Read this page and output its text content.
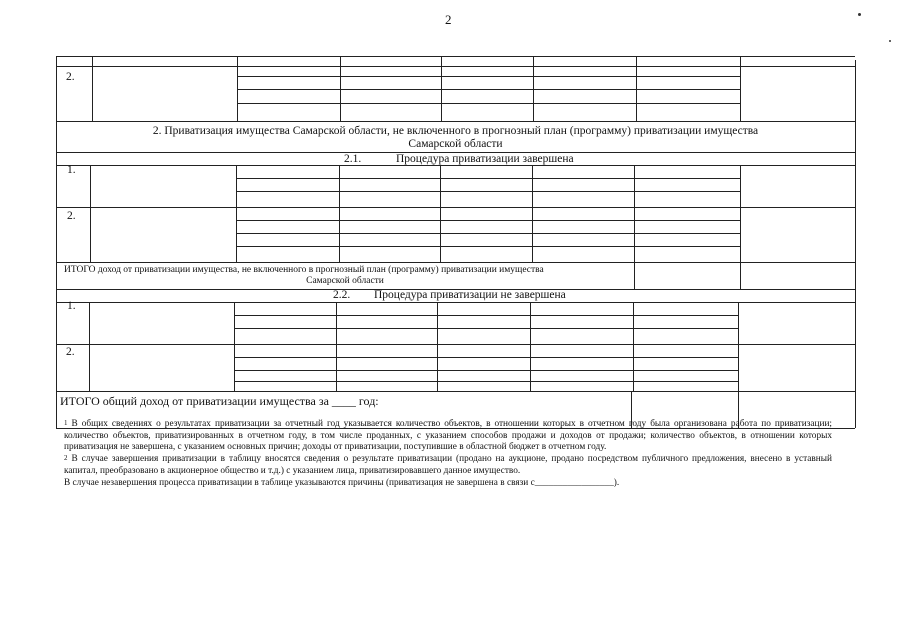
2
2.
2. Приватизация имущества Самарской области, не включенного в прогнозный план (программу) приватизации имущества
Самарской области
2.1.	Процедура приватизации завершена
1.
2.
ИТОГО доход от приватизации имущества, не включенного в прогнозный план (программу) приватизации имущества
Самарской области
2.2. Процедура приватизации не завершена
1.
2.
ИТОГО общий доход от приватизации имущества за ____ год:

$^1$ В общих сведениях о результатах приватизации за отчетный год указывается количество объектов, в отношении которых в отчетном году была организована работа по приватизации; количество объектов, приватизированных в отчетном году, в том числе проданных, с указанием способов продажи и доходов от продажи; количество объектов, в отношении которых приватизация не завершена, с указанием основных причин; доходы от приватизации, поступившие в областной бюджет в отчетном году.

$^2$ В случае завершения приватизации в таблицу вносятся сведения о результате приватизации (продано на аукционе, продано посредством публичного предложения, внесено в уставный капитал, преобразовано в акционерное общество и т.д.) с указанием лица, приватизировавшего данное имущество.

В случае незавершения процесса приватизации в таблице указываются причины (приватизация не завершена в связи с_________________).
